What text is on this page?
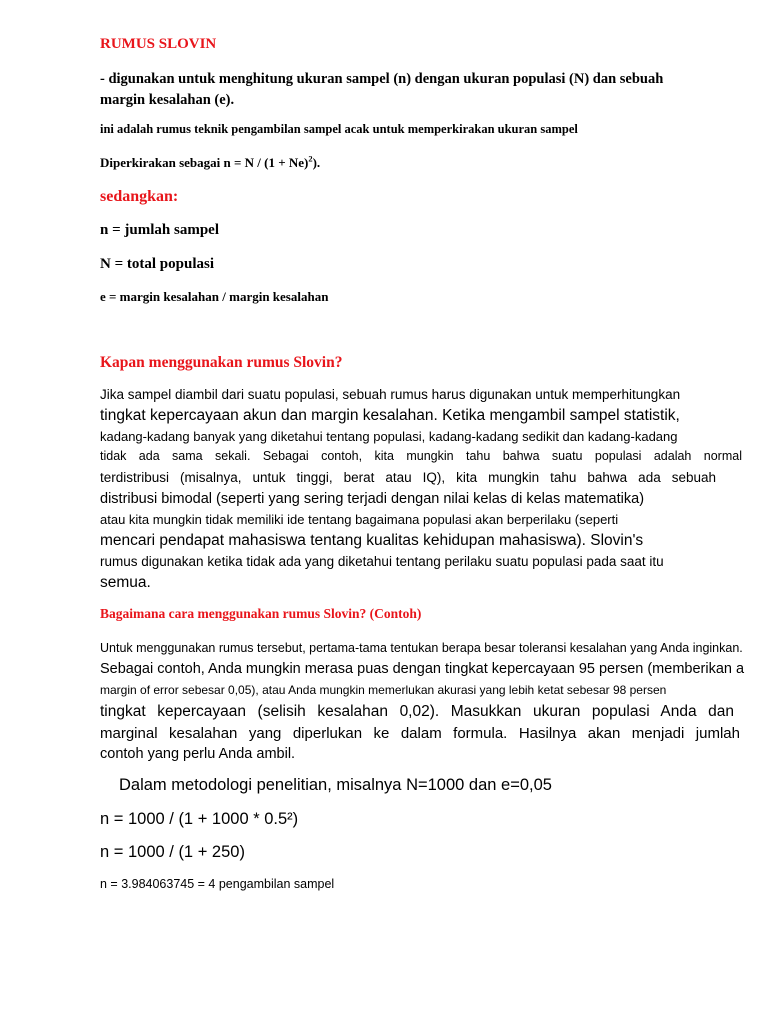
RUMUS SLOVIN
- digunakan untuk menghitung ukuran sampel (n) dengan ukuran populasi (N) dan sebuah
margin kesalahan (e).
ini adalah rumus teknik pengambilan sampel acak untuk memperkirakan ukuran sampel
Diperkirakan sebagai $n = N / (1 + Ne)^2$).
sedangkan:
n = jumlah sampel
N = total populasi
e = margin kesalahan / margin kesalahan
Kapan menggunakan rumus Slovin?
Jika sampel diambil dari suatu populasi, sebuah rumus harus digunakan untuk memperhitungkan
tingkat kepercayaan akun dan margin kesalahan. Ketika mengambil sampel statistik,
kadang-kadang banyak yang diketahui tentang populasi, kadang-kadang sedikit dan kadang-kadang
tidak ada sama sekali. Sebagai contoh, kita mungkin tahu bahwa suatu populasi adalah normal
terdistribusi (misalnya, untuk tinggi, berat atau IQ), kita mungkin tahu bahwa ada sebuah
distribusi bimodal (seperti yang sering terjadi dengan nilai kelas di kelas matematika)
atau kita mungkin tidak memiliki ide tentang bagaimana populasi akan berperilaku (seperti
mencari pendapat mahasiswa tentang kualitas kehidupan mahasiswa). Slovin's
rumus digunakan ketika tidak ada yang diketahui tentang perilaku suatu populasi pada saat itu
semua.
Bagaimana cara menggunakan rumus Slovin? (Contoh)
Untuk menggunakan rumus tersebut, pertama-tama tentukan berapa besar toleransi kesalahan yang Anda inginkan.
Sebagai contoh, Anda mungkin merasa puas dengan tingkat kepercayaan 95 persen (memberikan a
margin of error sebesar 0,05), atau Anda mungkin memerlukan akurasi yang lebih ketat sebesar 98 persen
tingkat kepercayaan (selisih kesalahan 0,02). Masukkan ukuran populasi Anda dan
marginal kesalahan yang diperlukan ke dalam formula. Hasilnya akan menjadi jumlah
contoh yang perlu Anda ambil.
Dalam metodologi penelitian, misalnya N=1000 dan e=0,05
n = 1000 / (1 + 1000 * 0.5²)
n = 1000 / (1 + 250)
n = 3.984063745 = 4 pengambilan sampel
